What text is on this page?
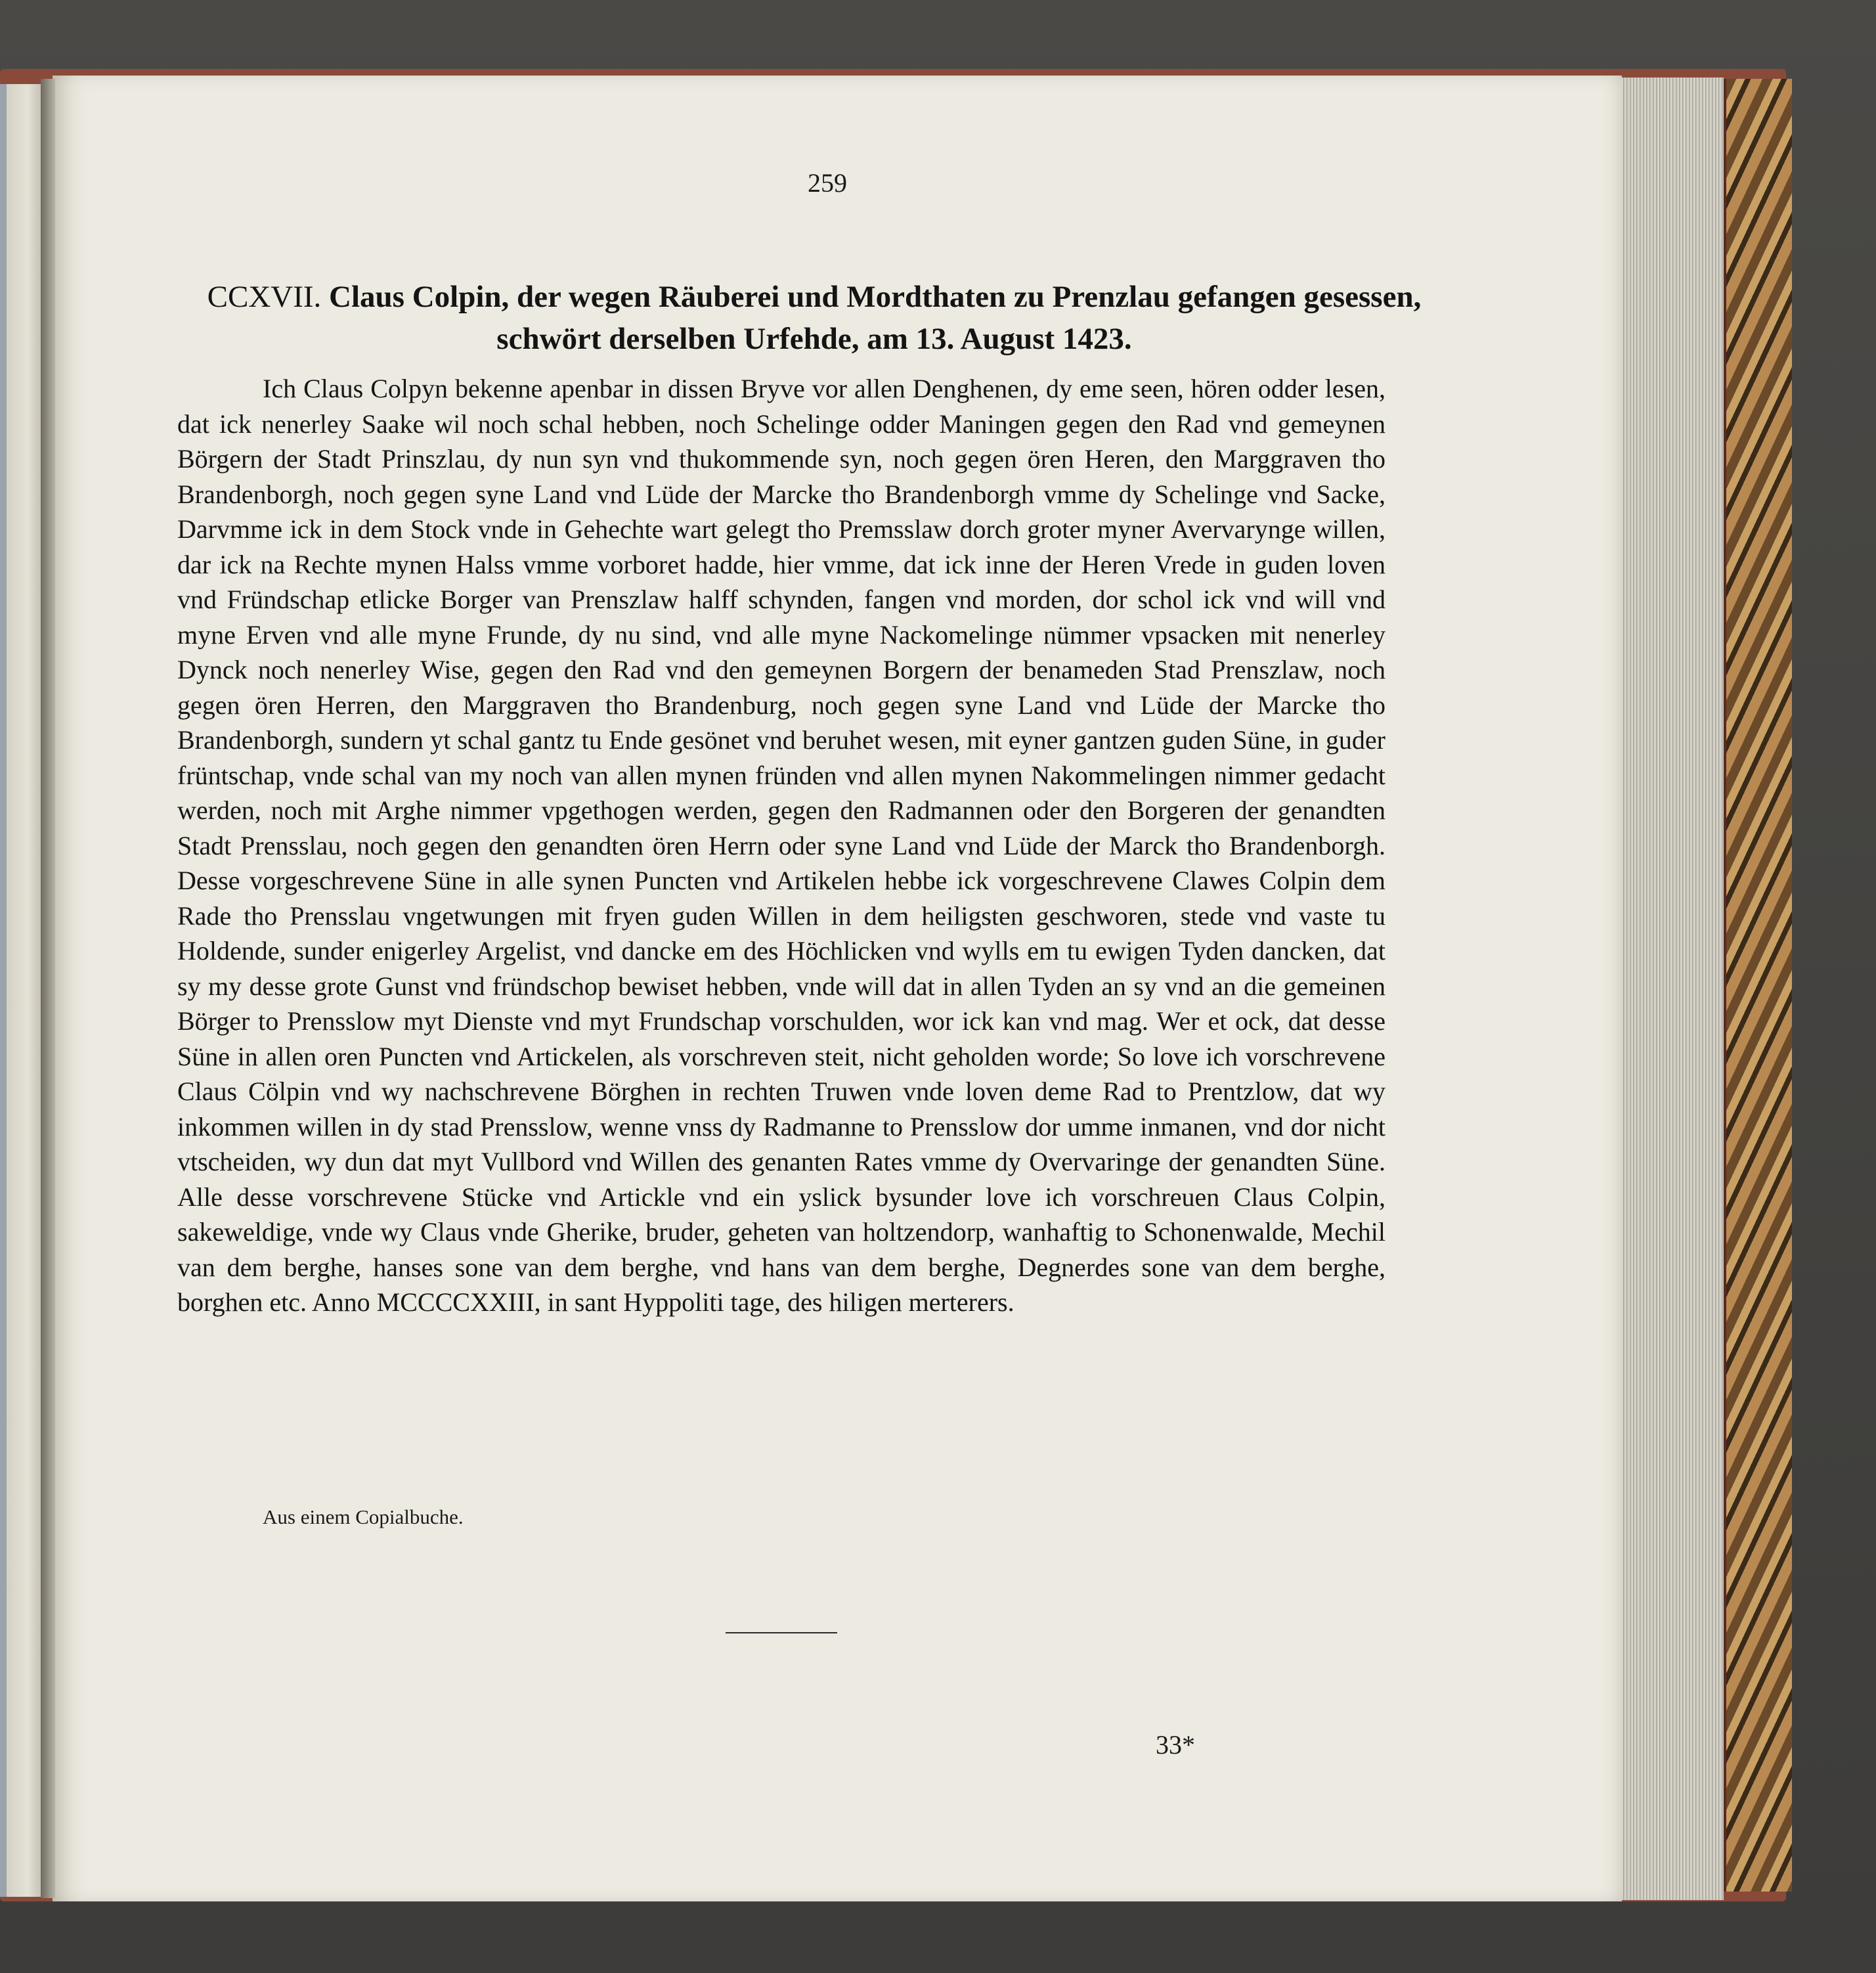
259
CCXVII. Claus Colpin, der wegen Räuberei und Mordthaten zu Prenzlau gefangen gesessen, schwört derselben Urfehde, am 13. August 1423.

Ich Claus Colpyn bekenne apenbar in dissen Bryve vor allen Denghenen, dy eme seen, hören odder lesen, dat ick nenerley Saake wil noch schal hebben, noch Schelinge odder Maningen gegen den Rad vnd gemeynen Börgern der Stadt Prinszlau, dy nun syn vnd thukommende syn, noch gegen ören Heren, den Marggraven tho Brandenborgh, noch gegen syne Land vnd Lüde der Marcke tho Brandenborgh vmme dy Schelinge vnd Sacke, Darvmme ick in dem Stock vnde in Gehechte wart gelegt tho Premsslaw dorch groter myner Avervarynge willen, dar ick na Rechte mynen Halss vmme vorboret hadde, hier vmme, dat ick inne der Heren Vrede in guden loven vnd Fründschap etlicke Borger van Prenszlaw halff schynden, fangen vnd morden, dor schol ick vnd will vnd myne Erven vnd alle myne Frunde, dy nu sind, vnd alle myne Nackomelinge nümmer vpsacken mit nenerley Dynck noch nenerley Wise, gegen den Rad vnd den gemeynen Borgern der benameden Stad Prenszlaw, noch gegen ören Herren, den Marggraven tho Brandenburg, noch gegen syne Land vnd Lüde der Marcke tho Brandenborgh, sundern yt schal gantz tu Ende gesönet vnd beruhet wesen, mit eyner gantzen guden Süne, in guder früntschap, vnde schal van my noch van allen mynen fründen vnd allen mynen Nakommelingen nimmer gedacht werden, noch mit Arghe nimmer vpgethogen werden, gegen den Radmannen oder den Borgeren der genandten Stadt Prensslau, noch gegen den genandten ören Herrn oder syne Land vnd Lüde der Marck tho Brandenborgh. Desse vorgeschrevene Süne in alle synen Puncten vnd Artikelen hebbe ick vorgeschrevene Clawes Colpin dem Rade tho Prensslau vngetwungen mit fryen guden Willen in dem heiligsten geschworen, stede vnd vaste tu Holdende, sunder enigerley Argelist, vnd dancke em des Höchlicken vnd wylls em tu ewigen Tyden dancken, dat sy my desse grote Gunst vnd fründschop bewiset hebben, vnde will dat in allen Tyden an sy vnd an die gemeinen Börger to Prensslow myt Dienste vnd myt Frundschap vorschulden, wor ick kan vnd mag. Wer et ock, dat desse Süne in allen oren Puncten vnd Artickelen, als vorschreven steit, nicht geholden worde; So love ich vorschrevene Claus Cölpin vnd wy nachschrevene Börghen in rechten Truwen vnde loven deme Rad to Prentzlow, dat wy inkommen willen in dy stad Prensslow, wenne vnss dy Radmanne to Prensslow dor umme inmanen, vnd dor nicht vtscheiden, wy dun dat myt Vullbord vnd Willen des genanten Rates vmme dy Overvaringe der genandten Süne. Alle desse vorschrevene Stücke vnd Artickle vnd ein yslick bysunder love ich vorschreuen Claus Colpin, sakeweldige, vnde wy Claus vnde Gherike, bruder, geheten van holtzendorp, wanhaftig to Schonenwalde, Mechil van dem berghe, hanses sone van dem berghe, vnd hans van dem berghe, Degnerdes sone van dem berghe, borghen etc. Anno MCCCCXXIII, in sant Hyppoliti tage, des hiligen merterers.

Aus einem Copialbuche.
33*
